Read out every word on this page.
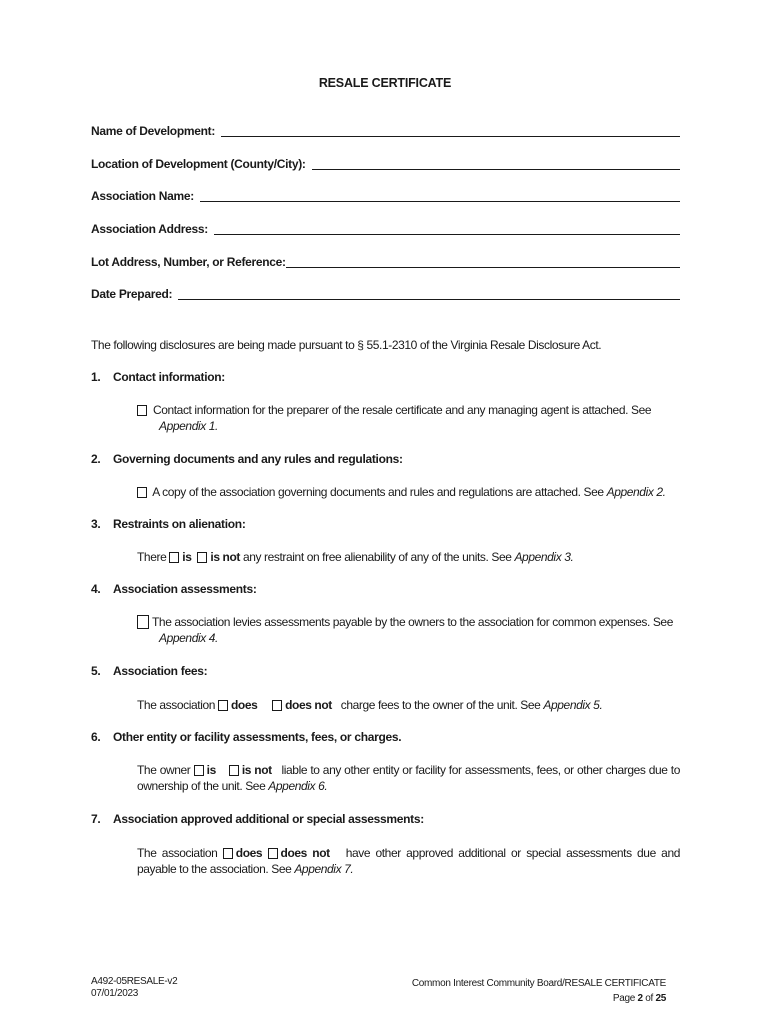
RESALE CERTIFICATE
Name of Development:
Location of Development (County/City):
Association Name:
Association Address:
Lot Address, Number, or Reference:
Date Prepared:
The following disclosures are being made pursuant to § 55.1-2310 of the Virginia Resale Disclosure Act.
1. Contact information:
Contact information for the preparer of the resale certificate and any managing agent is attached. See
Appendix 1.
2. Governing documents and any rules and regulations:
A copy of the association governing documents and rules and regulations are attached. See Appendix 2.
3. Restraints on alienation:
There is is not any restraint on free alienability of any of the units. See Appendix 3.
4. Association assessments:
The association levies assessments payable by the owners to the association for common expenses. See
Appendix 4.
5. Association fees:
The association does does not charge fees to the owner of the unit. See Appendix 5.
6. Other entity or facility assessments, fees, or charges.
The owner is is not liable to any other entity or facility for assessments, fees, or other charges due to ownership of the unit. See Appendix 6.
7. Association approved additional or special assessments:
The association does does not have other approved additional or special assessments due and payable to the association. See Appendix 7.
A492-05RESALE-v2
07/01/2023
Common Interest Community Board/RESALE CERTIFICATE
Page 2 of 25
